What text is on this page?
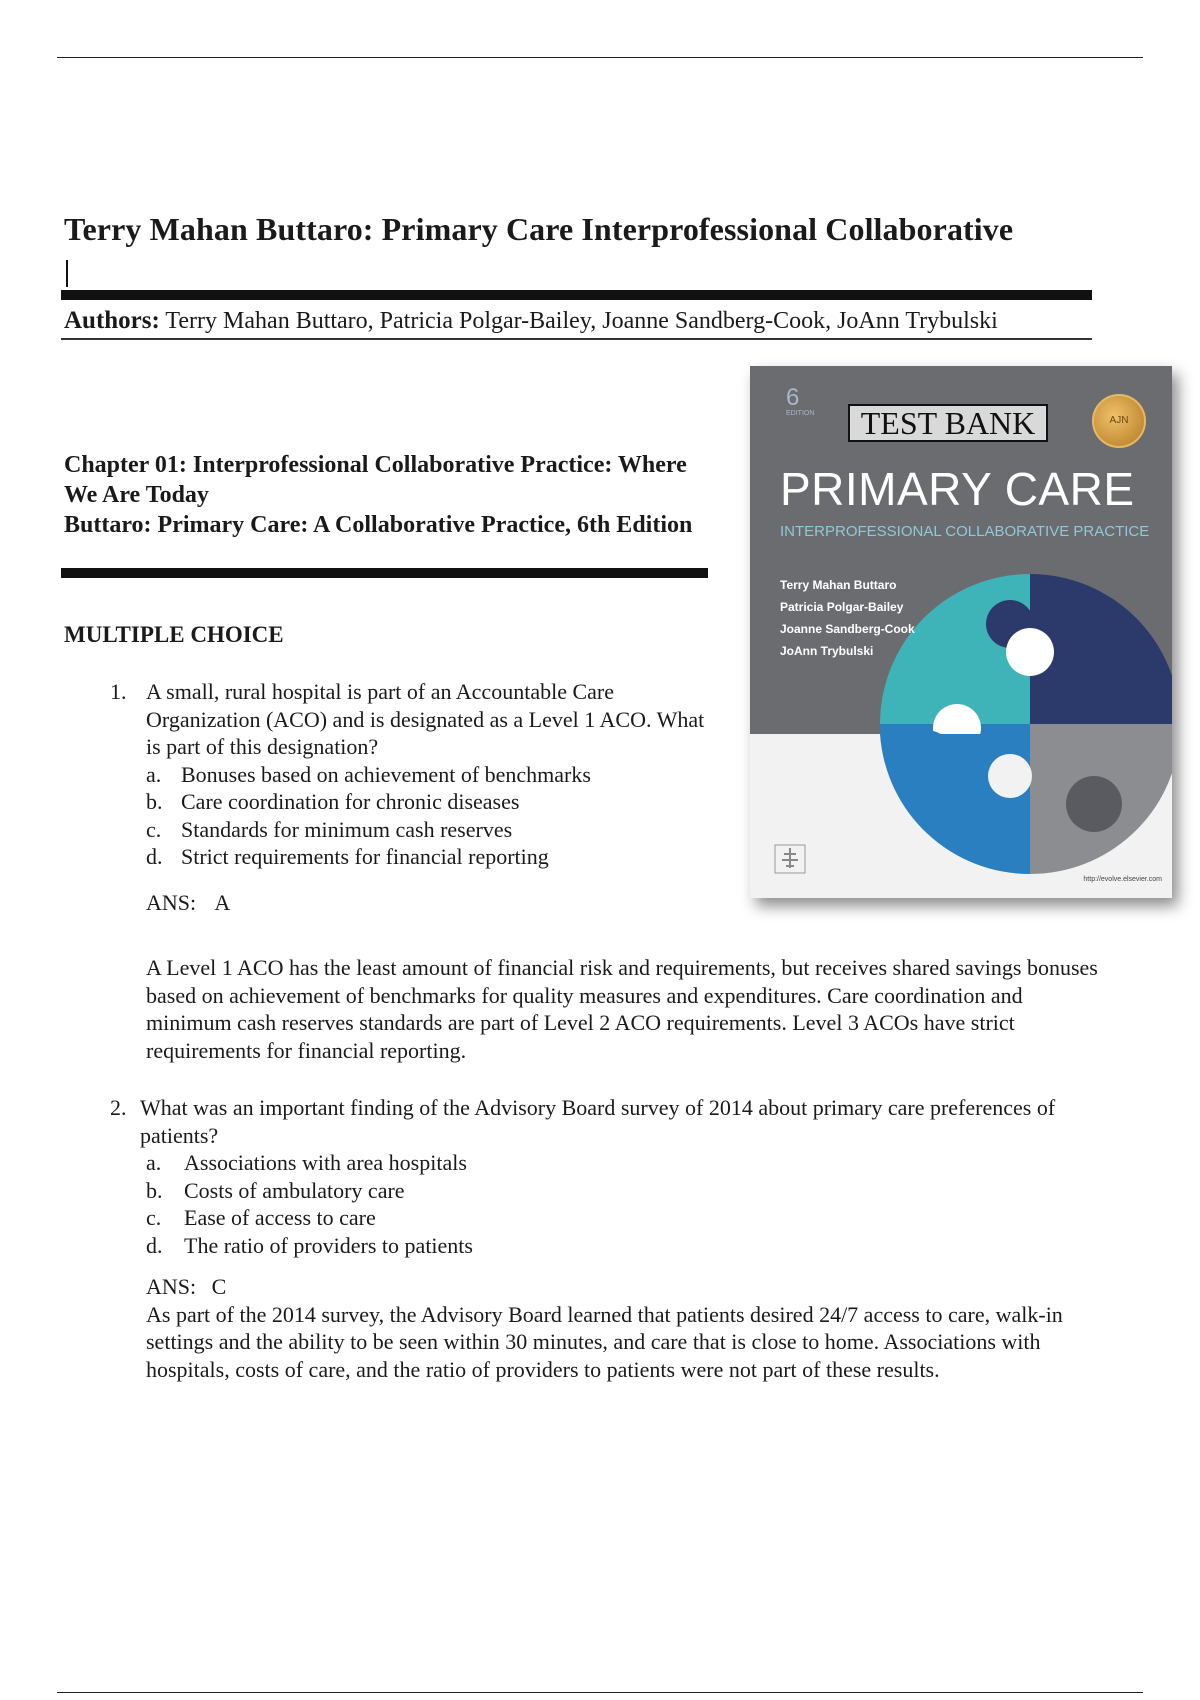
Terry Mahan Buttaro: Primary Care Interprofessional Collaborative
Authors: Terry Mahan Buttaro, Patricia Polgar-Bailey, Joanne Sandberg-Cook, JoAnn Trybulski
Chapter 01: Interprofessional Collaborative Practice: Where We Are Today
Buttaro: Primary Care: A Collaborative Practice, 6th Edition
MULTIPLE CHOICE
1. A small, rural hospital is part of an Accountable Care Organization (ACO) and is designated as a Level 1 ACO. What is part of this designation?
a. Bonuses based on achievement of benchmarks
b. Care coordination for chronic diseases
c. Standards for minimum cash reserves
d. Strict requirements for financial reporting
ANS: A
A Level 1 ACO has the least amount of financial risk and requirements, but receives shared savings bonuses based on achievement of benchmarks for quality measures and expenditures. Care coordination and minimum cash reserves standards are part of Level 2 ACO requirements. Level 3 ACOs have strict requirements for financial reporting.
2. What was an important finding of the Advisory Board survey of 2014 about primary care preferences of patients?
a.	Associations with area hospitals
b. Costs of ambulatory care
c.	Ease of access to care
d. The ratio of providers to patients
ANS: C
As part of the 2014 survey, the Advisory Board learned that patients desired 24/7 access to care, walk-in settings and the ability to be seen within 30 minutes, and care that is close to home. Associations with hospitals, costs of care, and the ratio of providers to patients were not part of these results.
6
EDITION	TEST BANK	AJN
PRIMARY CARE
INTERPROFESSIONAL COLLABORATIVE PRACTICE
Terry Mahan Buttaro
Patricia Polgar-Bailey
Joanne Sandberg-Cook
JoAnn Trybulski
http://evolve.elsevier.com
